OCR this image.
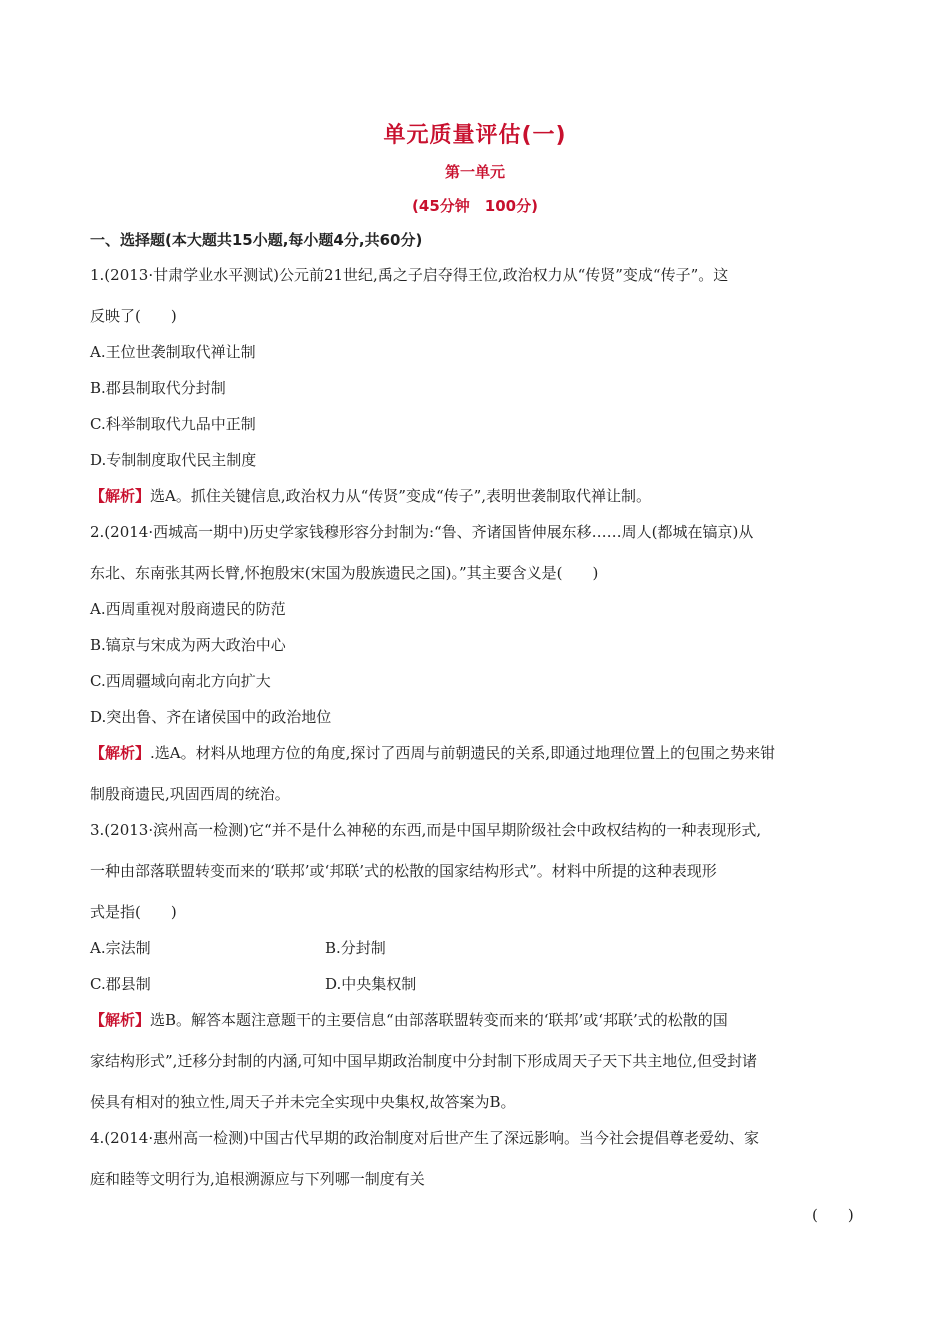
单元质量评估(一)
第一单元
(45分钟　100分)
一、选择题(本大题共15小题,每小题4分,共60分)
1.(2013·甘肃学业水平测试)公元前21世纪,禹之子启夺得王位,政治权力从“传贤”变成“传子”。这
反映了(　　)
A.王位世袭制取代禅让制
B.郡县制取代分封制
C.科举制取代九品中正制
D.专制制度取代民主制度
【解析】选A。抓住关键信息,政治权力从“传贤”变成“传子”,表明世袭制取代禅让制。
2.(2014·西城高一期中)历史学家钱穆形容分封制为:“鲁、齐诸国皆伸展东移……周人(都城在镐京)从
东北、东南张其两长臂,怀抱殷宋(宋国为殷族遗民之国)。”其主要含义是(　　)
A.西周重视对殷商遗民的防范
B.镐京与宋成为两大政治中心
C.西周疆域向南北方向扩大
D.突出鲁、齐在诸侯国中的政治地位
【解析】.选A。材料从地理方位的角度,探讨了西周与前朝遗民的关系,即通过地理位置上的包围之势来钳
制殷商遗民,巩固西周的统治。
3.(2013·滨州高一检测)它“并不是什么神秘的东西,而是中国早期阶级社会中政权结构的一种表现形式,
一种由部落联盟转变而来的‘联邦’或‘邦联’式的松散的国家结构形式”。材料中所提的这种表现形
式是指(　　)
A.宗法制	B.分封制
C.郡县制	D.中央集权制
【解析】选B。解答本题注意题干的主要信息“由部落联盟转变而来的‘联邦’或‘邦联’式的松散的国
家结构形式”,迁移分封制的内涵,可知中国早期政治制度中分封制下形成周天子天下共主地位,但受封诸
侯具有相对的独立性,周天子并未完全实现中央集权,故答案为B。
4.(2014·惠州高一检测)中国古代早期的政治制度对后世产生了深远影响。当今社会提倡尊老爱幼、家
庭和睦等文明行为,追根溯源应与下列哪一制度有关
(　　)
